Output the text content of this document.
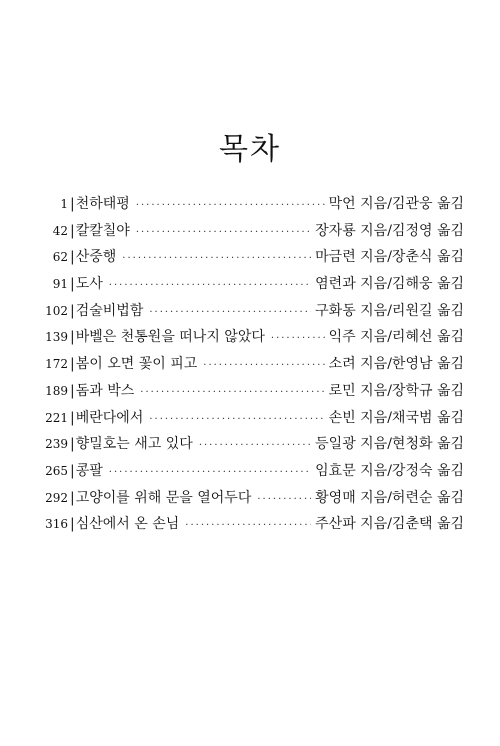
목차
1 | 천하태평 ·····	막언 지음/김관웅 옮김
42 | 칼칼칠야 ·····	장자룡 지음/김정영 옮김
62 | 산중행 ·····	마금련 지음/장춘식 옮김
91 | 도사 ·····	염련과 지음/김해웅 옮김
102 | 검술비법함 ·····	구화동 지음/리원길 옮김
139 | 바벨은 천통원을 떠나지 않았다 ·····	익주 지음/리혜선 옮김
172 | 봄이 오면 꽃이 피고 ·····	소려 지음/한영남 옮김
189 | 돔과 박스 ·····	로민 지음/장학규 옮김
221 | 베란다에서 ·····	손빈 지음/채국범 옮김
239 | 향밀호는 새고 있다 ·····	등일광 지음/현청화 옮김
265 | 콩팔 ·····	임효문 지음/강정숙 옮김
292 | 고양이를 위해 문을 열어두다 ·····	황영매 지음/허련순 옮김
316 | 심산에서 온 손님 ·····	주산파 지음/김춘택 옮김
